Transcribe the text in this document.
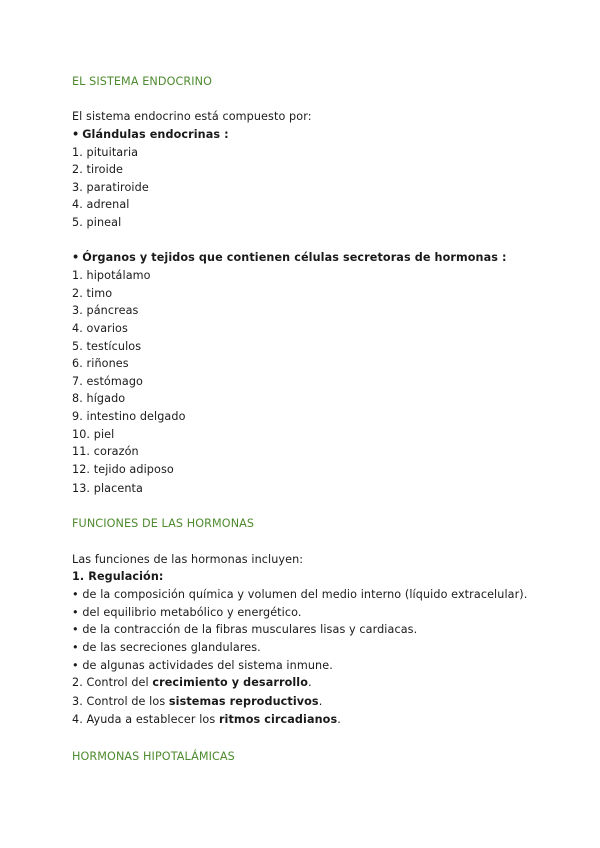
EL SISTEMA ENDOCRINO
El sistema endocrino está compuesto por:
• Glándulas endocrinas :
1. pituitaria
2. tiroide
3. paratiroide
4. adrenal
5. pineal
• Órganos y tejidos que contienen células secretoras de hormonas :
1. hipotálamo
2. timo
3. páncreas
4. ovarios
5. testículos
6. riñones
7. estómago
8. hígado
9. intestino delgado
10. piel
11. corazón
12. tejido adiposo
13. placenta
FUNCIONES DE LAS HORMONAS
Las funciones de las hormonas incluyen:
1. Regulación:
• de la composición química y volumen del medio interno (líquido extracelular).
• del equilibrio metabólico y energético.
• de la contracción de la fibras musculares lisas y cardiacas.
• de las secreciones glandulares.
• de algunas actividades del sistema inmune.
2. Control del crecimiento y desarrollo.
3. Control de los sistemas reproductivos.
4. Ayuda a establecer los ritmos circadianos.
HORMONAS HIPOTALÁMICAS
